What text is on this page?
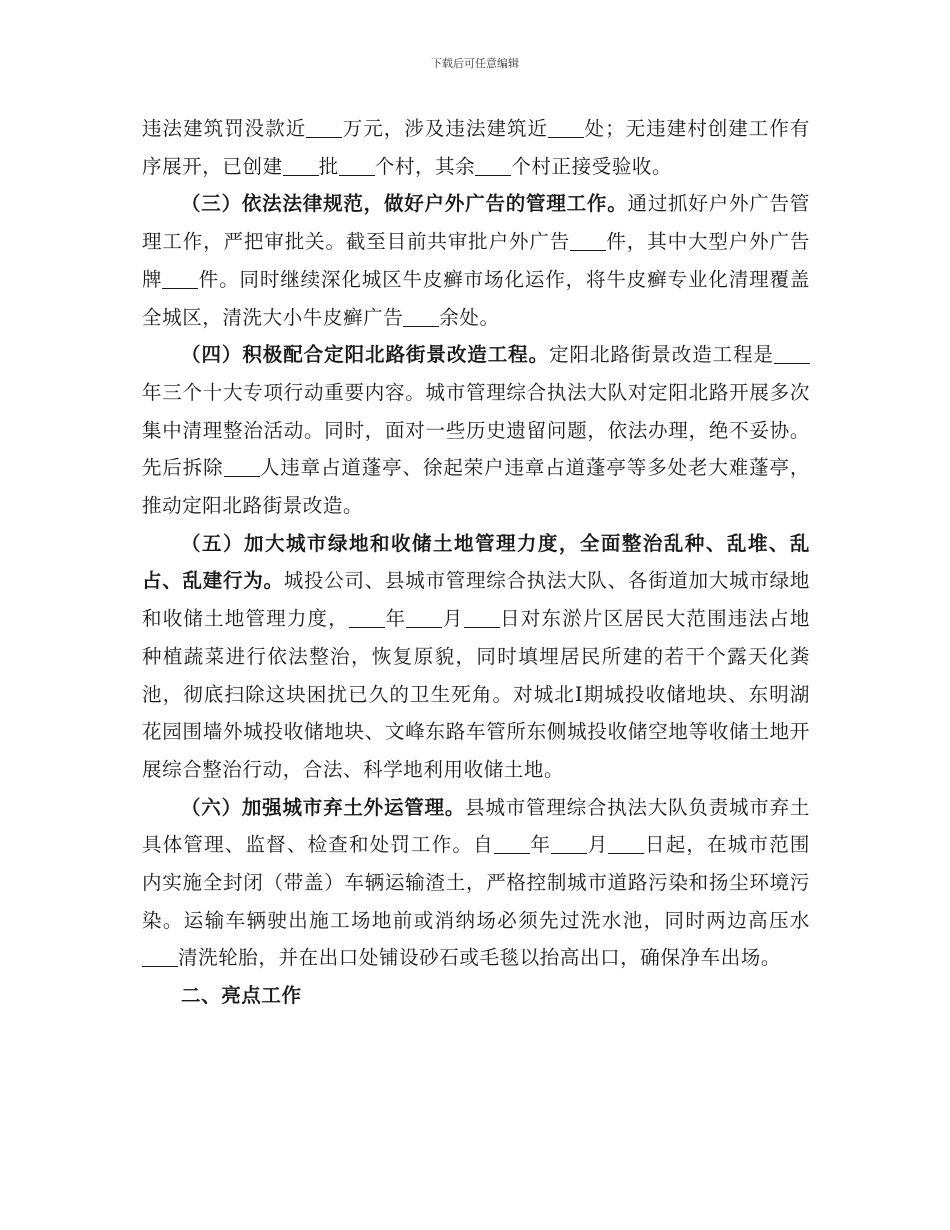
下载后可任意编辑

违法建筑罚没款近 万元，涉及违法建筑近 处；无违建村创建工作有序展开，已创建 批 个村，其余 个村正接受验收。

（三）依法法律规范，做好户外广告的管理工作。通过抓好户外广告管理工作，严把审批关。截至目前共审批户外广告 件，其中大型户外广告牌 件。同时继续深化城区牛皮癣市场化运作，将牛皮癣专业化清理覆盖全城区，清洗大小牛皮癣广告 余处。

（四）积极配合定阳北路街景改造工程。定阳北路街景改造工程是年三个十大专项行动重要内容。城市管理综合执法大队对定阳北路开展多次集中清理整治活动。同时，面对一些历史遗留问题，依法办理，绝不妥协。先后拆除 人违章占道蓬亭、徐起荣户违章占道蓬亭等多处老大难蓬亭，推动定阳北路街景改造。

（五）加大城市绿地和收储土地管理力度，全面整治乱种、乱堆、乱占、乱建行为。城投公司、县城市管理综合执法大队、各街道加大城市绿地和收储土地管理力度， 年 月 日对东淤片区居民大范围违法占地种植蔬菜进行依法整治，恢复原貌，同时填埋居民所建的若干个露天化粪池，彻底扫除这块困扰已久的卫生死角。对城北Ⅰ期城投收储地块、东明湖花园围墙外城投收储地块、文峰东路车管所东侧城投收储空地等收储土地开展综合整治行动，合法、科学地利用收储土地。

（六）加强城市弃土外运管理。县城市管理综合执法大队负责城市弃土具体管理、监督、检查和处罚工作。自 年 月 日起，在城市范围内实施全封闭（带盖）车辆运输渣土，严格控制城市道路污染和扬尘环境污染。运输车辆驶出施工场地前或消纳场必须先过洗水池，同时两边高压水清洗轮胎，并在出口处铺设砂石或毛毯以抬高出口，确保净车出场。

二、亮点工作
